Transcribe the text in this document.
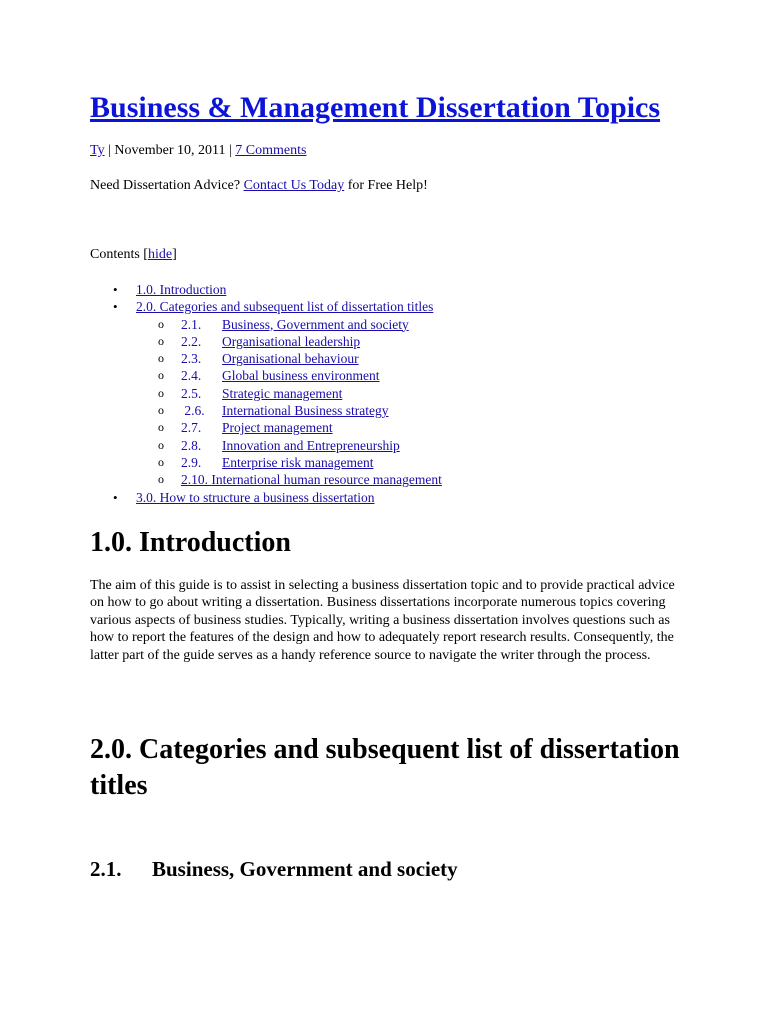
Business & Management Dissertation Topics
Ty | November 10, 2011 | 7 Comments
Need Dissertation Advice? Contact Us Today for Free Help!
Contents [hide]
• 1.0. Introduction
• 2.0. Categories and subsequent list of dissertation titles
o 2.1. Business, Government and society
o 2.2. Organisational leadership
o 2.3. Organisational behaviour
o 2.4. Global business environment
o 2.5. Strategic management
o  2.6. International Business strategy
o 2.7. Project management
o 2.8. Innovation and Entrepreneurship
o 2.9. Enterprise risk management
o 2.10. International human resource management
• 3.0. How to structure a business dissertation
1.0. Introduction

The aim of this guide is to assist in selecting a business dissertation topic and to provide practical advice on how to go about writing a dissertation. Business dissertations incorporate numerous topics covering various aspects of business studies. Typically, writing a business dissertation involves questions such as how to report the features of the design and how to adequately report research results. Consequently, the latter part of the guide serves as a handy reference source to navigate the writer through the process.

2.0. Categories and subsequent list of dissertation titles
2.1. Business, Government and society
